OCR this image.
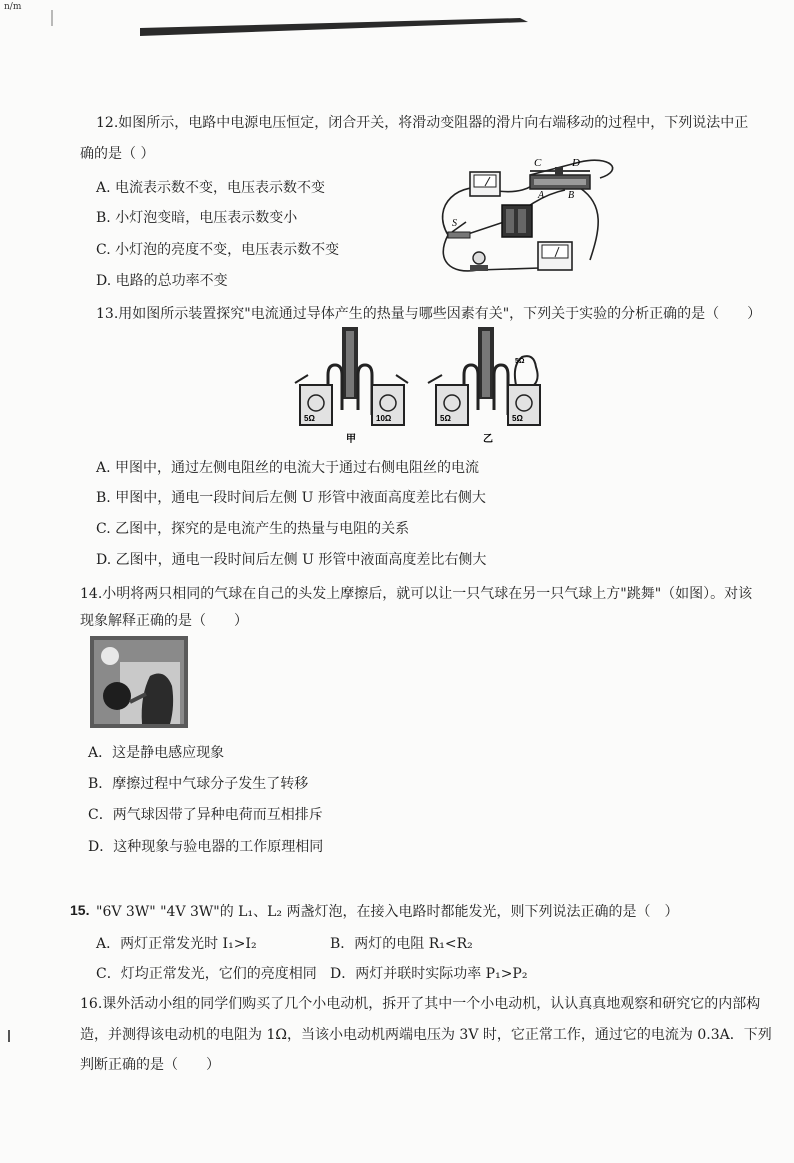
n/m
12.如图所示，电路中电源电压恒定，闭合开关，将滑动变阻器的滑片向右端移动的过程中，下列说法中正
确的是（ ）
A. 电流表示数不变，电压表示数不变
B. 小灯泡变暗，电压表示数变小
C. 小灯泡的亮度不变，电压表示数不变
D. 电路的总功率不变
C	D
A B
S
13.用如图所示装置探究"电流通过导体产生的热量与哪些因素有关"，下列关于实验的分析正确的是（　　）
5Ω	10Ω
5Ω
5Ω	5Ω
甲	乙
A. 甲图中，通过左侧电阻丝的电流大于通过右侧电阻丝的电流
B. 甲图中，通电一段时间后左侧 U 形管中液面高度差比右侧大
C. 乙图中，探究的是电流产生的热量与电阻的关系
D. 乙图中，通电一段时间后左侧 U 形管中液面高度差比右侧大
14.小明将两只相同的气球在自己的头发上摩擦后，就可以让一只气球在另一只气球上方"跳舞"（如图）。对该
现象解释正确的是（　　）
A．这是静电感应现象
B．摩擦过程中气球分子发生了转移
C．两气球因带了异种电荷而互相排斥
D．这种现象与验电器的工作原理相同
15. "6V 3W" "4V 3W"的 L₁、L₂ 两盏灯泡，在接入电路时都能发光，则下列说法正确的是（　）
A．两灯正常发光时 I₁>I₂	B．两灯的电阻 R₁<R₂
C．灯均正常发光，它们的亮度相同 D．两灯并联时实际功率 P₁>P₂
16.课外活动小组的同学们购买了几个小电动机，拆开了其中一个小电动机，认认真真地观察和研究它的内部构
造，并测得该电动机的电阻为 1Ω，当该小电动机两端电压为 3V 时，它正常工作，通过它的电流为 0.3A．下列
判断正确的是（　　）
